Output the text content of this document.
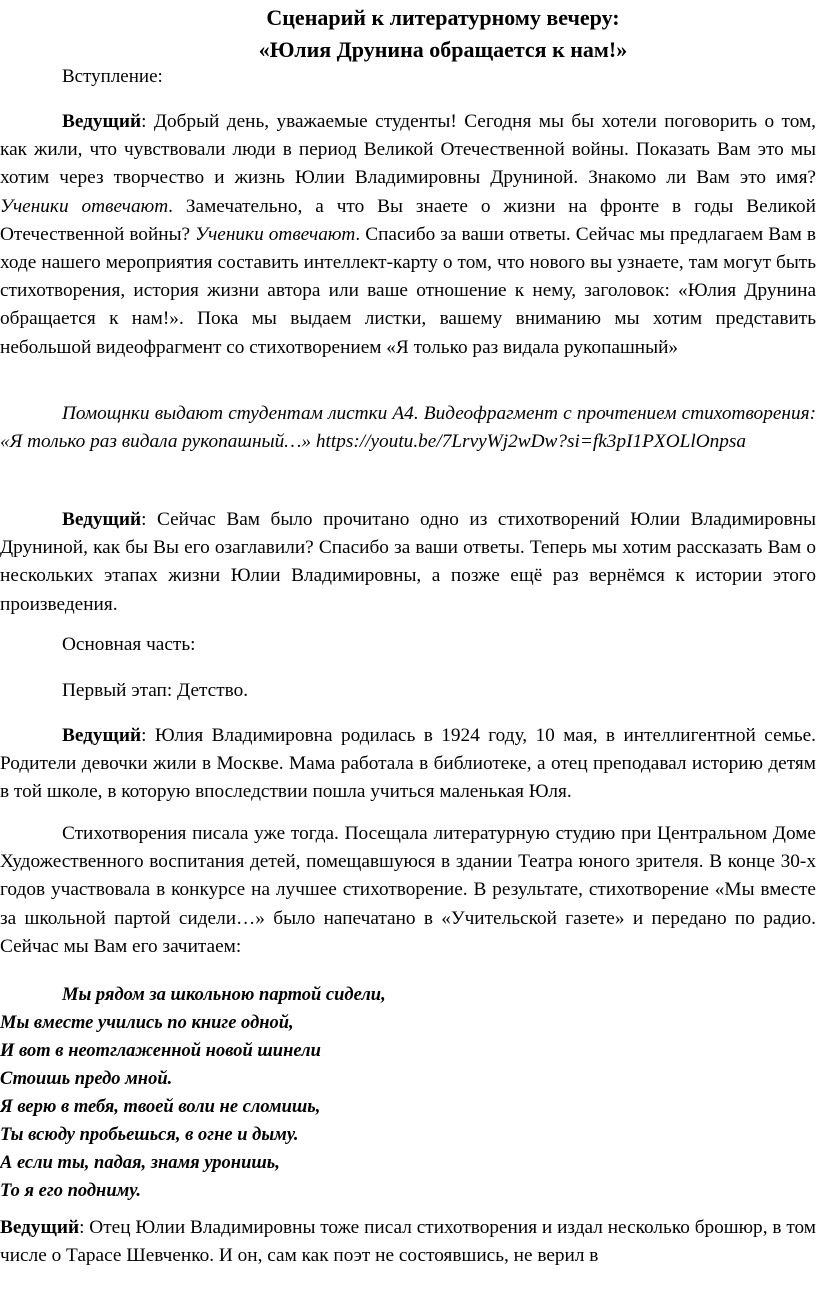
Сценарий к литературному вечеру:
«Юлия Друнина обращается к нам!»
Вступление:

Ведущий: Добрый день, уважаемые студенты! Сегодня мы бы хотели поговорить о том, как жили, что чувствовали люди в период Великой Отечественной войны. Показать Вам это мы хотим через творчество и жизнь Юлии Владимировны Друниной. Знакомо ли Вам это имя? Ученики отвечают. Замечательно, а что Вы знаете о жизни на фронте в годы Великой Отечественной войны? Ученики отвечают. Спасибо за ваши ответы. Сейчас мы предлагаем Вам в ходе нашего мероприятия составить интеллект-карту о том, что нового вы узнаете, там могут быть стихотворения, история жизни автора или ваше отношение к нему, заголовок: «Юлия Друнина обращается к нам!». Пока мы выдаем листки, вашему вниманию мы хотим представить небольшой видеофрагмент со стихотворением «Я только раз видала рукопашный»

Помощнки выдают студентам листки А4. Видеофрагмент с прочтением стихотворения: «Я только раз видала рукопашный…» https://youtu.be/7LrvyWj2wDw?si=fk3pI1PXOLlOnpsa

Ведущий: Сейчас Вам было прочитано одно из стихотворений Юлии Владимировны Друниной, как бы Вы его озаглавили? Спасибо за ваши ответы. Теперь мы хотим рассказать Вам о нескольких этапах жизни Юлии Владимировны, а позже ещё раз вернёмся к истории этого произведения.

Основная часть:

Первый этап: Детство.

Ведущий: Юлия Владимировна родилась в 1924 году, 10 мая, в интеллигентной семье. Родители девочки жили в Москве. Мама работала в библиотеке, а отец преподавал историю детям в той школе, в которую впоследствии пошла учиться маленькая Юля.

Стихотворения писала уже тогда. Посещала литературную студию при Центральном Доме Художественного воспитания детей, помещавшуюся в здании Театра юного зрителя. В конце 30-х годов участвовала в конкурсе на лучшее стихотворение. В результате, стихотворение «Мы вместе за школьной партой сидели…» было напечатано в «Учительской газете» и передано по радио. Сейчас мы Вам его зачитаем:

Мы рядом за школьною партой сидели,
Мы вместе учились по книге одной,
И вот в неотглаженной новой шинели
Стоишь предо мной.
Я верю в тебя, твоей воли не сломишь,
Ты всюду пробьешься, в огне и дыму.
А если ты, падая, знамя уронишь,
То я его подниму.

Ведущий: Отец Юлии Владимировны тоже писал стихотворения и издал несколько брошюр, в том числе о Тарасе Шевченко. И он, сам как поэт не состоявшись, не верил в
